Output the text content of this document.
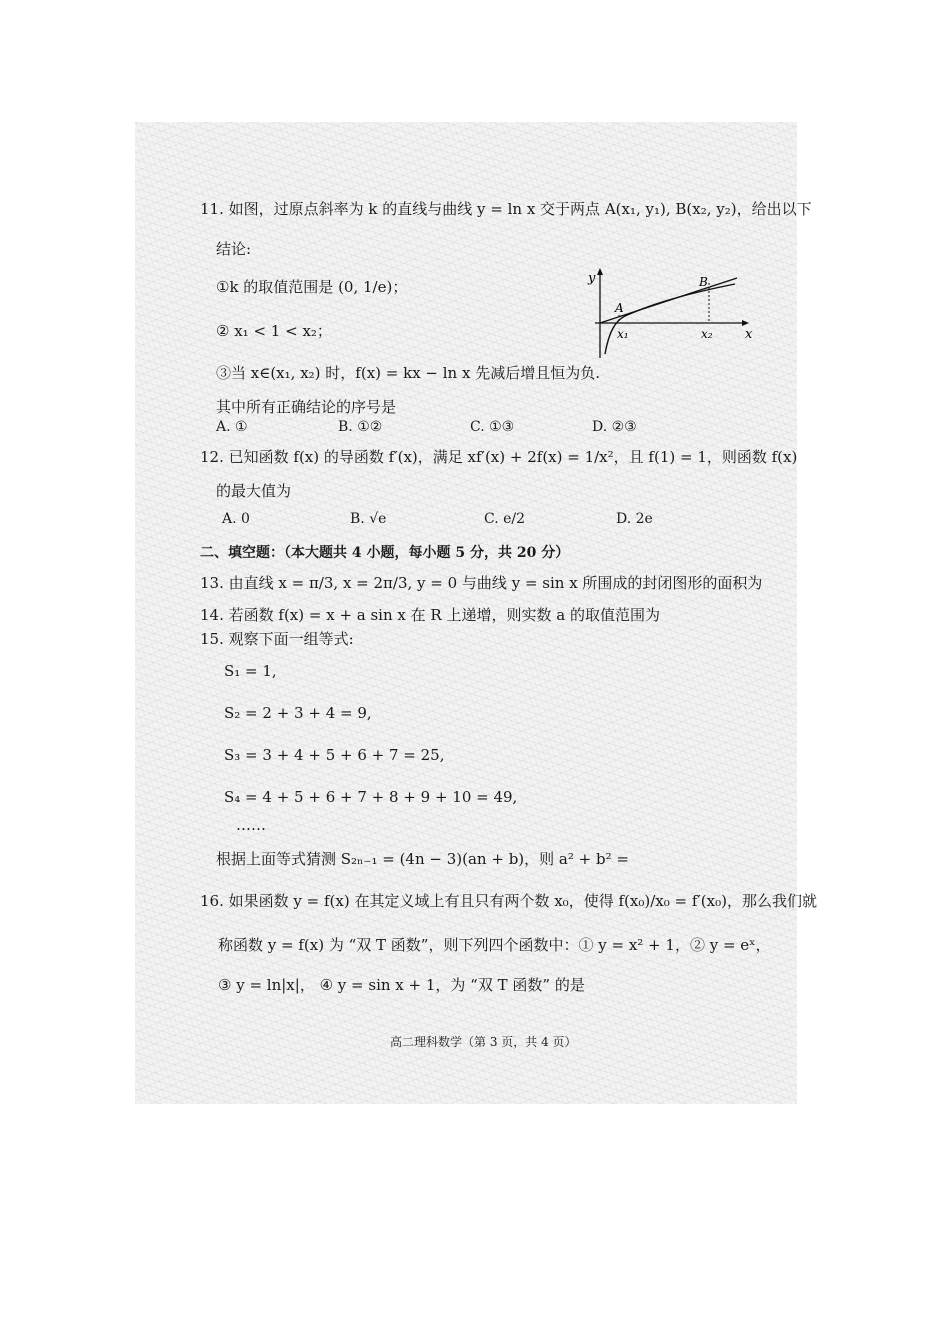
11. 如图，过原点斜率为 k 的直线与曲线 y = ln x 交于两点 A(x₁, y₁), B(x₂, y₂)，给出以下
结论:
①k 的取值范围是 (0, 1/e)；
② x₁ < 1 < x₂；
③当 x∈(x₁, x₂) 时，f(x) = kx − ln x 先减后增且恒为负.
其中所有正确结论的序号是
A. ①	B. ①②	C. ①③	D. ②③
y
x
A
B
x₁	x₂
12. 已知函数 f(x) 的导函数 f′(x)，满足 xf′(x) + 2f(x) = 1/x²，且 f(1) = 1，则函数 f(x)
的最大值为
A. 0	B. √e	C. e/2	D. 2e
二、填空题：（本大题共 4 小题，每小题 5 分，共 20 分）
13. 由直线 x = π/3, x = 2π/3, y = 0 与曲线 y = sin x 所围成的封闭图形的面积为
14. 若函数 f(x) = x + a sin x 在 R 上递增，则实数 a 的取值范围为
15. 观察下面一组等式:
S₁ = 1,
S₂ = 2 + 3 + 4 = 9,
S₃ = 3 + 4 + 5 + 6 + 7 = 25,
S₄ = 4 + 5 + 6 + 7 + 8 + 9 + 10 = 49,
……
根据上面等式猜测 S₂ₙ₋₁ = (4n − 3)(an + b)，则 a² + b² =
16. 如果函数 y = f(x) 在其定义域上有且只有两个数 x₀，使得 f(x₀)/x₀ = f′(x₀)，那么我们就
称函数 y = f(x) 为 “双 T 函数”，则下列四个函数中：① y = x² + 1，② y = eˣ，
③ y = ln|x|， ④ y = sin x + 1，为 “双 T 函数” 的是
高二理科数学（第 3 页，共 4 页）
